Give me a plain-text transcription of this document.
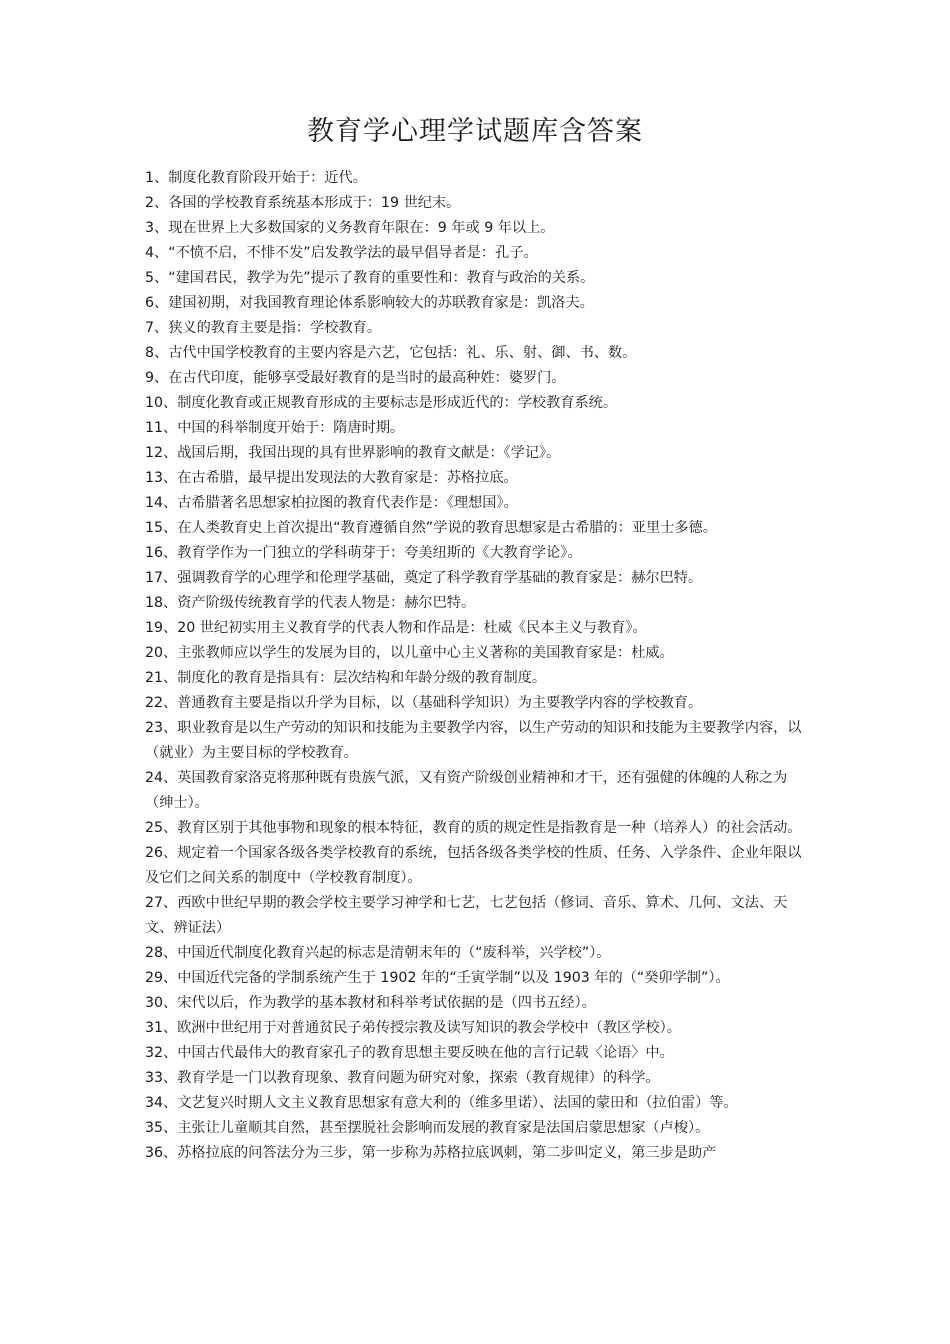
教育学心理学试题库含答案
1、制度化教育阶段开始于：近代。
2、各国的学校教育系统基本形成于：19 世纪末。
3、现在世界上大多数国家的义务教育年限在：9 年或 9 年以上。
4、“不愤不启，不悱不发”启发教学法的最早倡导者是：孔子。
5、“建国君民，教学为先”提示了教育的重要性和：教育与政治的关系。
6、建国初期，对我国教育理论体系影响较大的苏联教育家是：凯洛夫。
7、狭义的教育主要是指：学校教育。
8、古代中国学校教育的主要内容是六艺，它包括：礼、乐、射、御、书、数。
9、在古代印度，能够享受最好教育的是当时的最高种姓：婆罗门。
10、制度化教育或正规教育形成的主要标志是形成近代的：学校教育系统。
11、中国的科举制度开始于：隋唐时期。
12、战国后期，我国出现的具有世界影响的教育文献是：《学记》。
13、在古希腊，最早提出发现法的大教育家是：苏格拉底。
14、古希腊著名思想家柏拉图的教育代表作是：《理想国》。
15、在人类教育史上首次提出“教育遵循自然”学说的教育思想家是古希腊的：亚里士多德。
16、教育学作为一门独立的学科萌芽于：夸美纽斯的《大教育学论》。
17、强调教育学的心理学和伦理学基础，奠定了科学教育学基础的教育家是：赫尔巴特。
18、资产阶级传统教育学的代表人物是：赫尔巴特。
19、20 世纪初实用主义教育学的代表人物和作品是：杜威《民本主义与教育》。
20、主张教师应以学生的发展为目的，以儿童中心主义著称的美国教育家是：杜威。
21、制度化的教育是指具有：层次结构和年龄分级的教育制度。
22、普通教育主要是指以升学为目标，以（基础科学知识）为主要教学内容的学校教育。
23、职业教育是以生产劳动的知识和技能为主要教学内容，以生产劳动的知识和技能为主要教学内容，以（就业）为主要目标的学校教育。
24、英国教育家洛克将那种既有贵族气派，又有资产阶级创业精神和才干，还有强健的体魄的人称之为（绅士）。
25、教育区别于其他事物和现象的根本特征，教育的质的规定性是指教育是一种（培养人）的社会活动。
26、规定着一个国家各级各类学校教育的系统，包括各级各类学校的性质、任务、入学条件、企业年限以及它们之间关系的制度中（学校教育制度）。
27、西欧中世纪早期的教会学校主要学习神学和七艺，七艺包括（修词、音乐、算术、几何、文法、天文、辨证法）
28、中国近代制度化教育兴起的标志是清朝末年的（“废科举，兴学校”）。
29、中国近代完备的学制系统产生于 1902 年的“壬寅学制”以及 1903 年的（“癸卯学制”）。
30、宋代以后，作为教学的基本教材和科举考试依据的是（四书五经）。
31、欧洲中世纪用于对普通贫民子弟传授宗教及读写知识的教会学校中（教区学校）。
32、中国古代最伟大的教育家孔子的教育思想主要反映在他的言行记载〈论语〉中。
33、教育学是一门以教育现象、教育问题为研究对象，探索（教育规律）的科学。
34、文艺复兴时期人文主义教育思想家有意大利的（维多里诺）、法国的蒙田和（拉伯雷）等。
35、主张让儿童顺其自然，甚至摆脱社会影响而发展的教育家是法国启蒙思想家（卢梭）。
36、苏格拉底的问答法分为三步，第一步称为苏格拉底讽刺，第二步叫定义，第三步是助产
